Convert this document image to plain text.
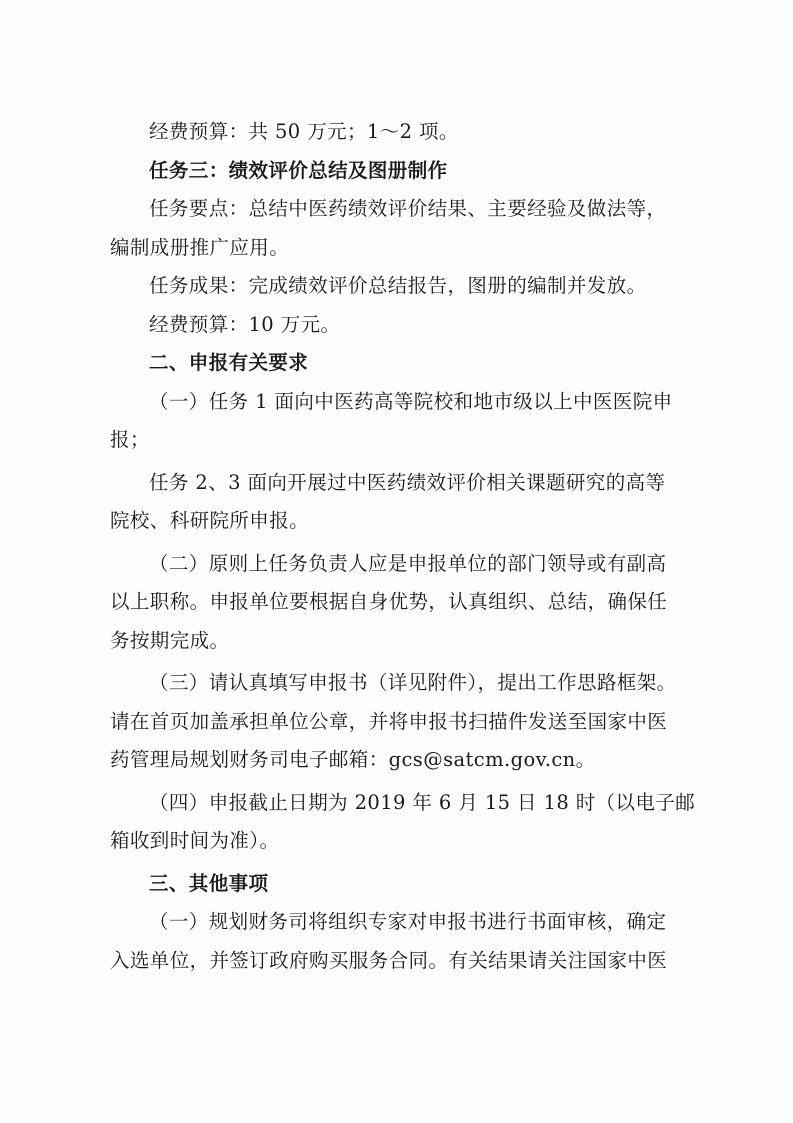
经费预算：共 50 万元；1～2 项。

任务三：绩效评价总结及图册制作

任务要点：总结中医药绩效评价结果、主要经验及做法等，

编制成册推广应用。

任务成果：完成绩效评价总结报告，图册的编制并发放。

经费预算：10 万元。

二、申报有关要求

（一）任务 1 面向中医药高等院校和地市级以上中医医院申

报；

任务 2、3 面向开展过中医药绩效评价相关课题研究的高等

院校、科研院所申报。

（二）原则上任务负责人应是申报单位的部门领导或有副高

以上职称。申报单位要根据自身优势，认真组织、总结，确保任

务按期完成。

（三）请认真填写申报书（详见附件），提出工作思路框架。

请在首页加盖承担单位公章，并将申报书扫描件发送至国家中医

药管理局规划财务司电子邮箱：gcs@satcm.gov.cn。

（四）申报截止日期为 2019 年 6 月 15 日 18 时（以电子邮

箱收到时间为准）。

三、其他事项

（一）规划财务司将组织专家对申报书进行书面审核，确定

入选单位，并签订政府购买服务合同。有关结果请关注国家中医
